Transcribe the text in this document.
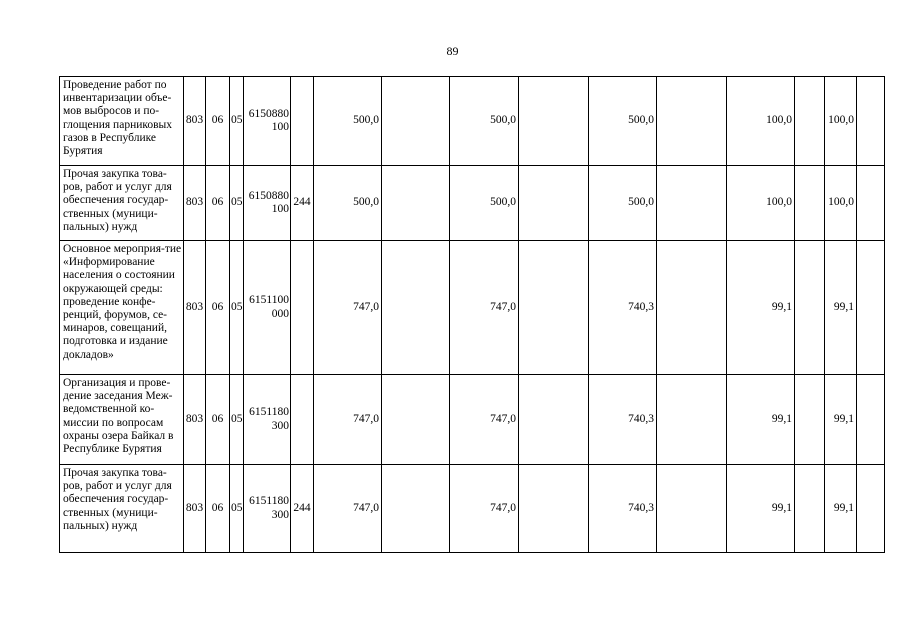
89
Проведение работ по инвентаризации объе-мов выбросов и по-глощения парниковых газов в Республике Бурятия	803	06	05	6150880 100		500,0		500,0		500,0		100,0		100,0	
Прочая закупка това-ров, работ и услуг для обеспечения государ-ственных (муници-пальных) нужд	803	06	05	6150880 100	244	500,0		500,0		500,0		100,0		100,0	
Основное мероприя-тие «Информирование населения о состоянии окружающей среды: проведение конфе-ренций, форумов, се-минаров, совещаний, подготовка и издание докладов»	803	06	05	6151100 000		747,0		747,0		740,3		99,1		99,1	
Организация и прове-дение заседания Меж-ведомственной ко-миссии по вопросам охраны озера Байкал в Республике Бурятия	803	06	05	6151180 300		747,0		747,0		740,3		99,1		99,1	
Прочая закупка това-ров, работ и услуг для обеспечения государ-ственных (муници-пальных) нужд	803	06	05	6151180 300	244	747,0		747,0		740,3		99,1		99,1	
